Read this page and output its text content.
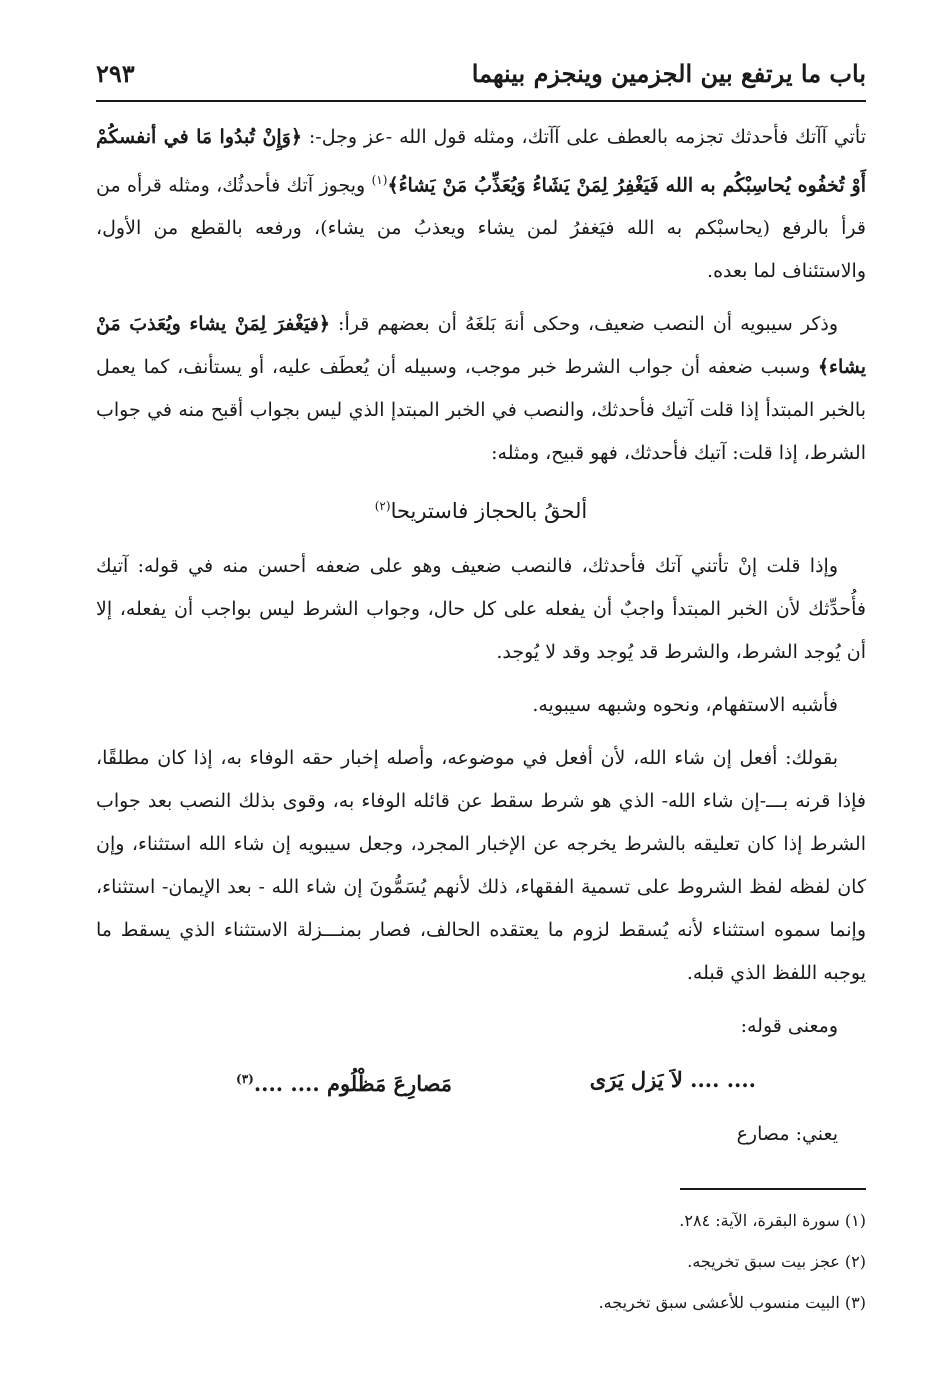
باب ما يرتفع بين الجزمين وينجزم بينهما
٢٩٣

تأتي آآتك فأحدثك تجزمه بالعطف على آآتك، ومثله قول الله -عز وجل-: ﴿وَإِنْ تُبدُوا مَا في أنفسكُمْ أَوْ تُخفُوه يُحاسِبْكُم به الله فَيَغْفِرُ لِمَنْ يَشَاءُ وَيُعَذِّبُ مَنْ يَشاءُ﴾$^{(١)}$ ويجوز آتك فأحدثُك، ومثله قرأه من قرأ بالرفع (يحاسبْكم به الله فيَغفرُ لمن يشاء ويعذبُ من يشاء)، ورفعه بالقطع من الأول، والاستئناف لما بعده.

وذكر سيبويه أن النصب ضعيف، وحكى أنهَ بَلغَهُ أن بعضهم قرأ: ﴿فيَغْفرَ لِمَنْ يشاء ويُعَذبَ مَنْ يشاء﴾ وسبب ضعفه أن جواب الشرط خبر موجب، وسبيله أن يُعطَف عليه، أو يستأنف، كما يعمل بالخبر المبتدأ إذا قلت آتيك فأحدثك، والنصب في الخبر المبتدإ الذي ليس بجواب أقبح منه في جواب الشرط، إذا قلت: آتيك فأحدثك، فهو قبيح، ومثله:

ألحقُ بالحجاز فاستريحا$^{(٢)}$

وإذا قلت إنْ تأتني آتك فأحدثك، فالنصب ضعيف وهو على ضعفه أحسن منه في قوله: آتيك فأُحدِّثك لأن الخبر المبتدأ واجبٌ أن يفعله على كل حال، وجواب الشرط ليس بواجب أن يفعله، إلا أن يُوجد الشرط، والشرط قد يُوجد وقد لا يُوجد.

فأشبه الاستفهام، ونحوه وشبهه سيبويه.

بقولك: أفعل إن شاء الله، لأن أفعل في موضوعه، وأصله إخبار حقه الوفاء به، إذا كان مطلقًا، فإذا قرنه بـــ-إن شاء الله- الذي هو شرط سقط عن قائله الوفاء به، وقوى بذلك النصب بعد جواب الشرط إذا كان تعليقه بالشرط يخرجه عن الإخبار المجرد، وجعل سيبويه إن شاء الله استثناء، وإن كان لفظه لفظ الشروط على تسمية الفقهاء، ذلك لأنهم يُسَمُّونَ إن شاء الله - بعد الإيمان- استثناء، وإنما سموه استثناء لأنه يُسقط لزوم ما يعتقده الحالف، فصار بمنـــزلة الاستثناء الذي يسقط ما يوجبه اللفظ الذي قبله.

ومعنى قوله:

.... .... لاَ يَزل يَرَى
مَصارِعَ مَظْلُوم .... ....$^{(٣)}$

يعني: مصارع

(١) سورة البقرة، الآية: ٢٨٤.
(٢) عجز بيت سبق تخريجه.
(٣) البيت منسوب للأعشى سبق تخريجه.
